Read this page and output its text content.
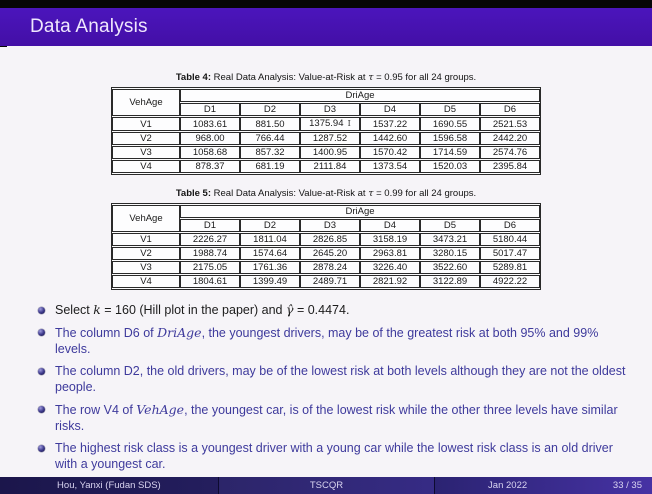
Data Analysis
Table 4: Real Data Analysis: Value-at-Risk at τ = 0.95 for all 24 groups.
VehAge	DriAge					
	D1	D2	D3	D4	D5	D6
V1	1083.61	881.50	1375.94 I	1537.22	1690.55	2521.53
V2	968.00	766.44	1287.52	1442.60	1596.58	2442.20
V3	1058.68	857.32	1400.95	1570.42	1714.59	2574.76
V4	878.37	681.19	2111.84	1373.54	1520.03	2395.84
Table 5: Real Data Analysis: Value-at-Risk at τ = 0.99 for all 24 groups.
VehAge	DriAge					
	D1	D2	D3	D4	D5	D6
V1	2226.27	1811.04	2826.85	3158.19	3473.21	5180.44
V2	1988.74	1574.64	2645.20	2963.81	3280.15	5017.47
V3	2175.05	1761.36	2878.24	3226.40	3522.60	5289.81
V4	1804.61	1399.49	2489.71	2821.92	3122.89	4922.22
Select k = 160 (Hill plot in the paper) and γ̂ = 0.4474.
The column D6 of DriAge, the youngest drivers, may be of the greatest risk at both 95% and 99% levels.
The column D2, the old drivers, may be of the lowest risk at both levels although they are not the oldest people.
The row V4 of VehAge, the youngest car, is of the lowest risk while the other three levels have similar risks.
The highest risk class is a youngest driver with a young car while the lowest risk class is an old driver with a youngest car.
Hou, Yanxi (Fudan SDS)	TSCQR	Jan 2022	33 / 35
